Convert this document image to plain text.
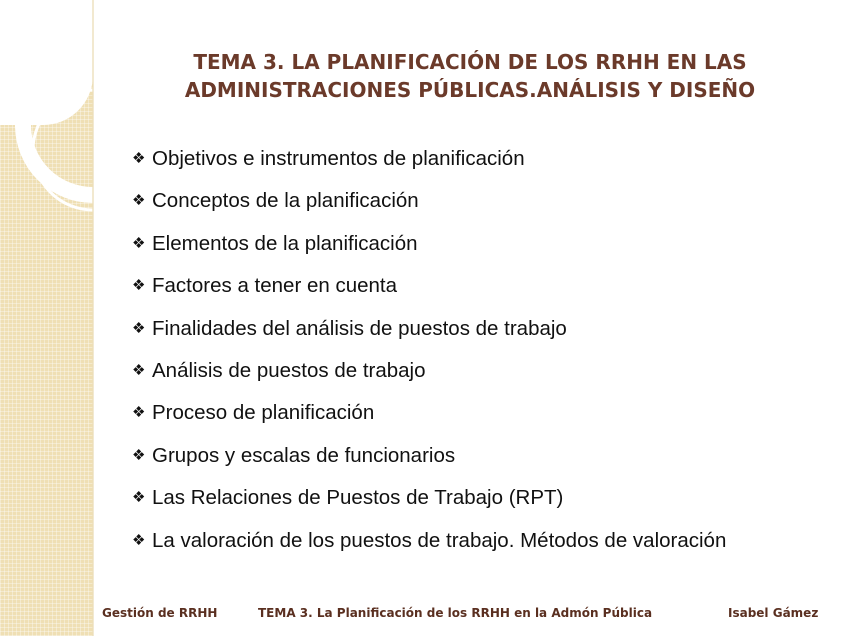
TEMA 3. LA PLANIFICACIÓN DE LOS RRHH EN LAS
ADMINISTRACIONES PÚBLICAS.ANÁLISIS Y DISEÑO
❖ Objetivos e instrumentos de planificación
❖ Conceptos de la planificación
❖ Elementos de la planificación
❖ Factores a tener en cuenta
❖ Finalidades del análisis de puestos de trabajo
❖ Análisis de puestos de trabajo
❖ Proceso de planificación
❖ Grupos y escalas de funcionarios
❖ Las Relaciones de Puestos de Trabajo (RPT)
❖ La valoración de los puestos de trabajo. Métodos de valoración
Gestión de RRHH	TEMA 3. La Planificación de los RRHH en la Admón Pública	Isabel Gámez
